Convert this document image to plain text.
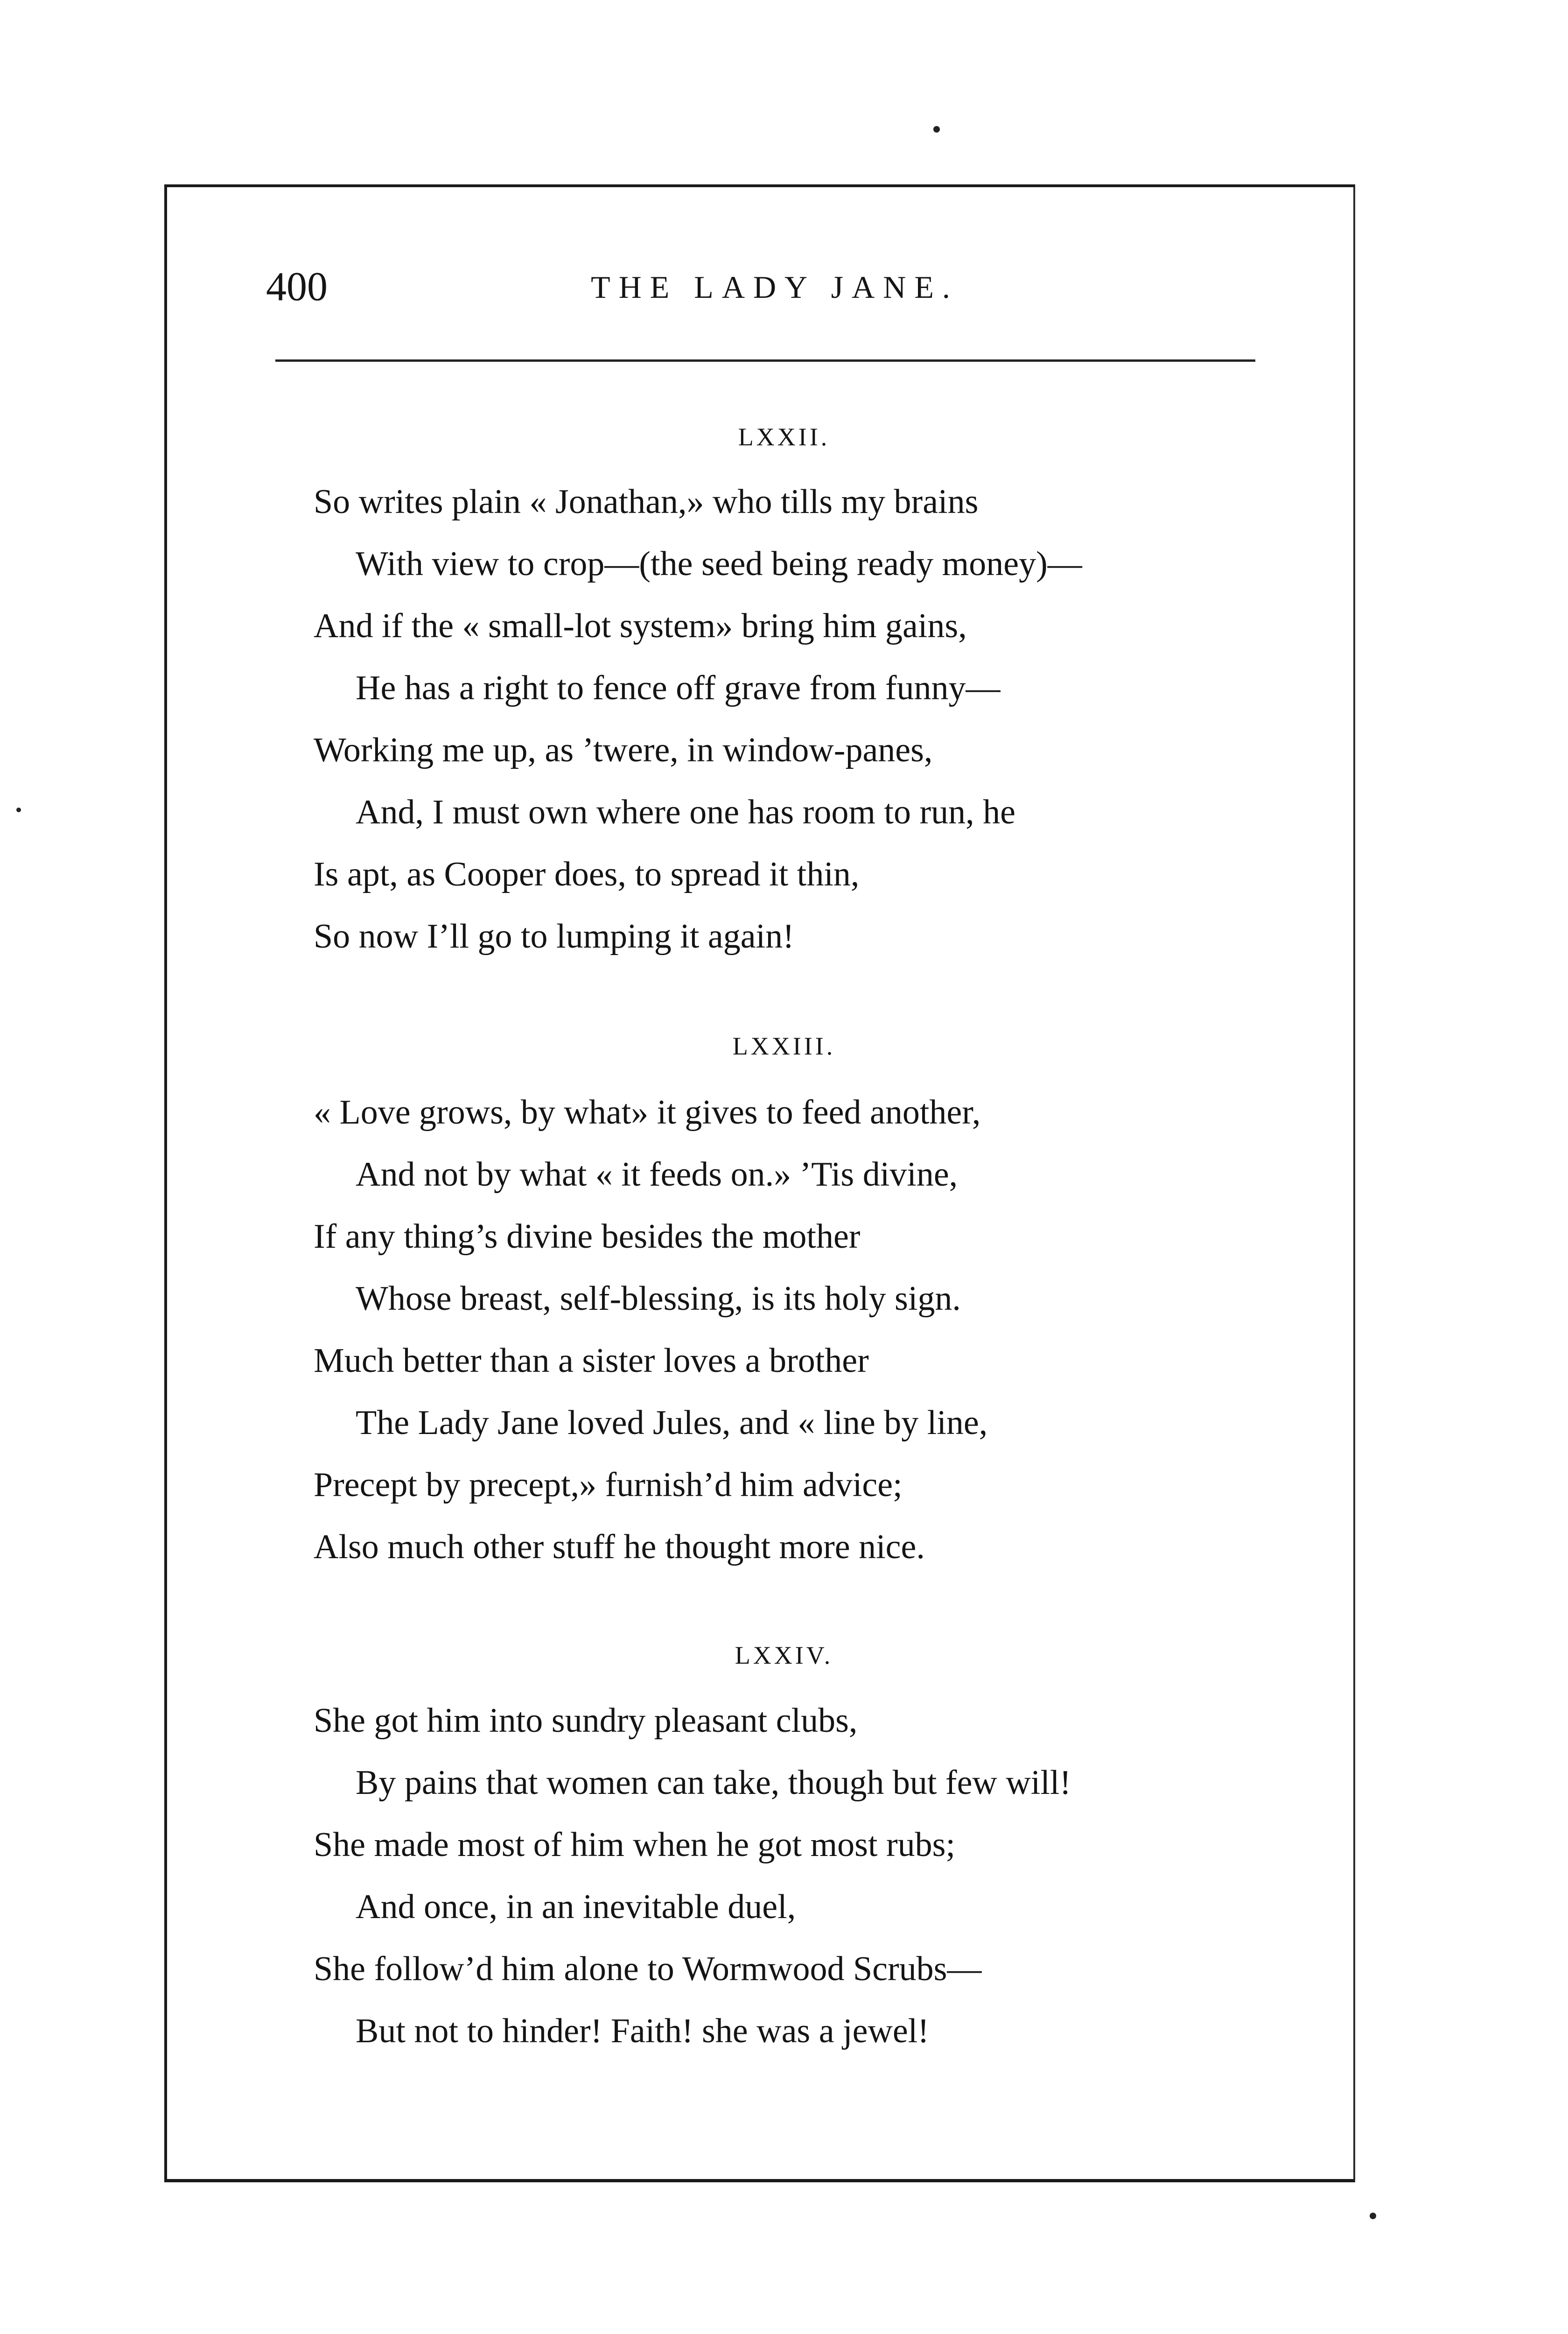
400	THE LADY JANE.
LXXII.
So writes plain « Jonathan,» who tills my brains
With view to crop—(the seed being ready money)—
And if the « small-lot system» bring him gains,
He has a right to fence off grave from funny—
Working me up, as ’twere, in window-panes,
And, I must own where one has room to run, he
Is apt, as Cooper does, to spread it thin,
So now I’ll go to lumping it again!
LXXIII.
« Love grows, by what» it gives to feed another,
And not by what « it feeds on.» ’Tis divine,
If any thing’s divine besides the mother
Whose breast, self-blessing, is its holy sign.
Much better than a sister loves a brother
The Lady Jane loved Jules, and « line by line,
Precept by precept,» furnish’d him advice;
Also much other stuff he thought more nice.
LXXIV.
She got him into sundry pleasant clubs,
By pains that women can take, though but few will!
She made most of him when he got most rubs;
And once, in an inevitable duel,
She follow’d him alone to Wormwood Scrubs—
But not to hinder! Faith! she was a jewel!
